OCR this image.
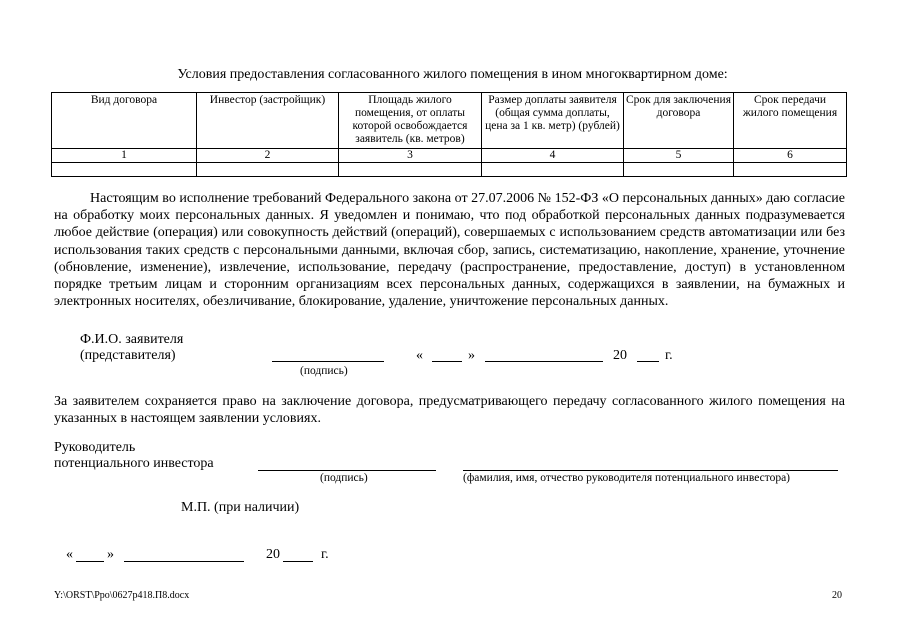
Условия предоставления согласованного жилого помещения в ином многоквартирном доме:
Вид договора	Инвестор (застройщик)	Площадь жилого помещения, от оплаты которой освобождается заявитель (кв. метров)	Размер доплаты заявителя (общая сумма доплаты, цена за 1 кв. метр) (рублей)	Срок для заключения договора	Срок передачи жилого помещения
1	2	3	4	5	6

Настоящим во исполнение требований Федерального закона от 27.07.2006 № 152-ФЗ «О персональных данных» даю согласие на обработку моих персональных данных. Я уведомлен и понимаю, что под обработкой персональных данных подразумевается любое действие (операция) или совокупность действий (операций), совершаемых с использованием средств автоматизации или без использования таких средств с персональными данными, включая сбор, запись, систематизацию, накопление, хранение, уточнение (обновление, изменение), извлечение, использование, передачу (распространение, предоставление, доступ) в установленном порядке третьим лицам и сторонним организациям всех персональных данных, содержащихся в заявлении, на бумажных и электронных носителях, обезличивание, блокирование, удаление, уничтожение персональных данных.
Ф.И.О. заявителя
(представителя)
(подпись)
«	»	20	г.
За заявителем сохраняется право на заключение договора, предусматривающего передачу согласованного жилого помещения на указанных в настоящем заявлении условиях.
Руководитель
потенциального инвестора
(подпись)	(фамилия, имя, отчество руководителя потенциального инвестора)
М.П. (при наличии)
« »	20	г.
Y:\ORST\Ppo\0627p418.П8.docx	20
